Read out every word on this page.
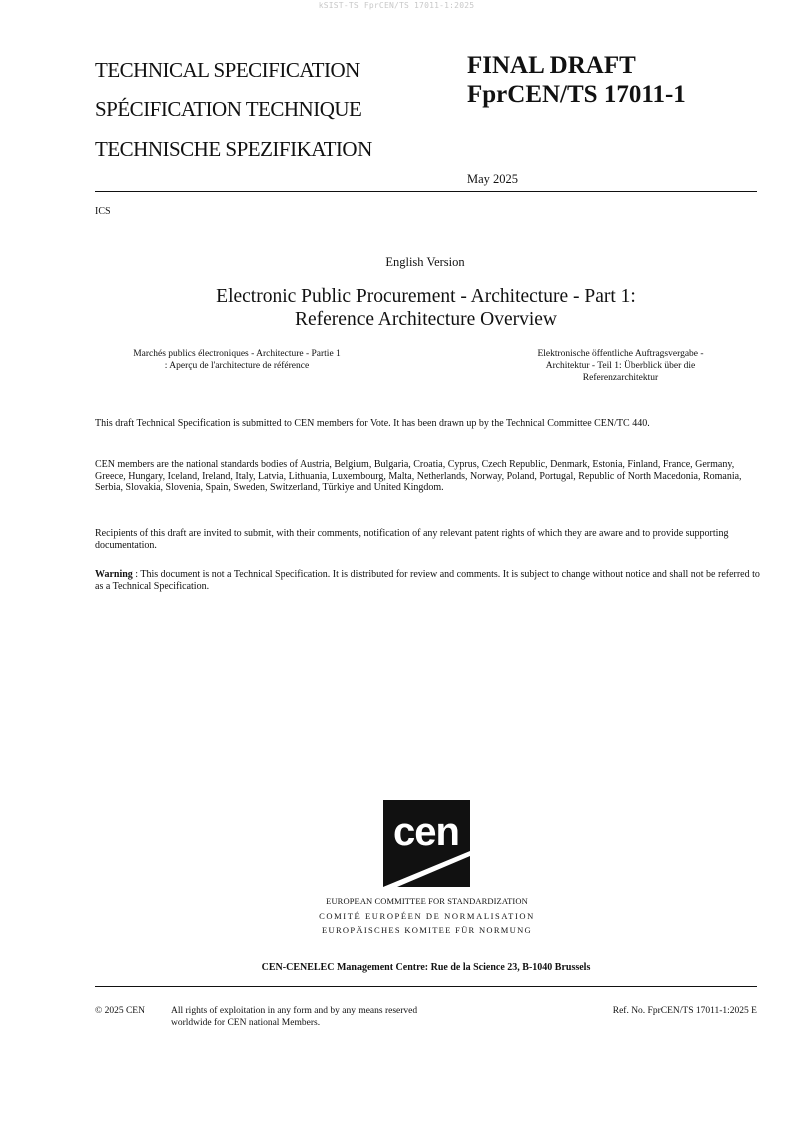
kSIST-TS FprCEN/TS 17011-1:2025
TECHNICAL SPECIFICATION
SPÉCIFICATION TECHNIQUE
TECHNISCHE SPEZIFIKATION
FINAL DRAFT
FprCEN/TS 17011-1
May 2025
ICS
English Version
Electronic Public Procurement - Architecture - Part 1:
Reference Architecture Overview
Marchés publics électroniques - Architecture - Partie 1
: Aperçu de l'architecture de référence
Elektronische öffentliche Auftragsvergabe -
Architektur - Teil 1: Überblick über die
Referenzarchitektur

This draft Technical Specification is submitted to CEN members for Vote. It has been drawn up by the Technical Committee CEN/TC 440.

CEN members are the national standards bodies of Austria, Belgium, Bulgaria, Croatia, Cyprus, Czech Republic, Denmark, Estonia, Finland, France, Germany, Greece, Hungary, Iceland, Ireland, Italy, Latvia, Lithuania, Luxembourg, Malta, Netherlands, Norway, Poland, Portugal, Republic of North Macedonia, Romania, Serbia, Slovakia, Slovenia, Spain, Sweden, Switzerland, Türkiye and United Kingdom.

Recipients of this draft are invited to submit, with their comments, notification of any relevant patent rights of which they are aware and to provide supporting documentation.

Warning : This document is not a Technical Specification. It is distributed for review and comments. It is subject to change without notice and shall not be referred to as a Technical Specification.

cen
EUROPEAN COMMITTEE FOR STANDARDIZATION
COMITÉ EUROPÉEN DE NORMALISATION
EUROPÄISCHES KOMITEE FÜR NORMUNG
CEN-CENELEC Management Centre: Rue de la Science 23, B-1040 Brussels
© 2025 CEN	All rights of exploitation in any form and by any means reserved
worldwide for CEN national Members.
Ref. No. FprCEN/TS 17011-1:2025 E
